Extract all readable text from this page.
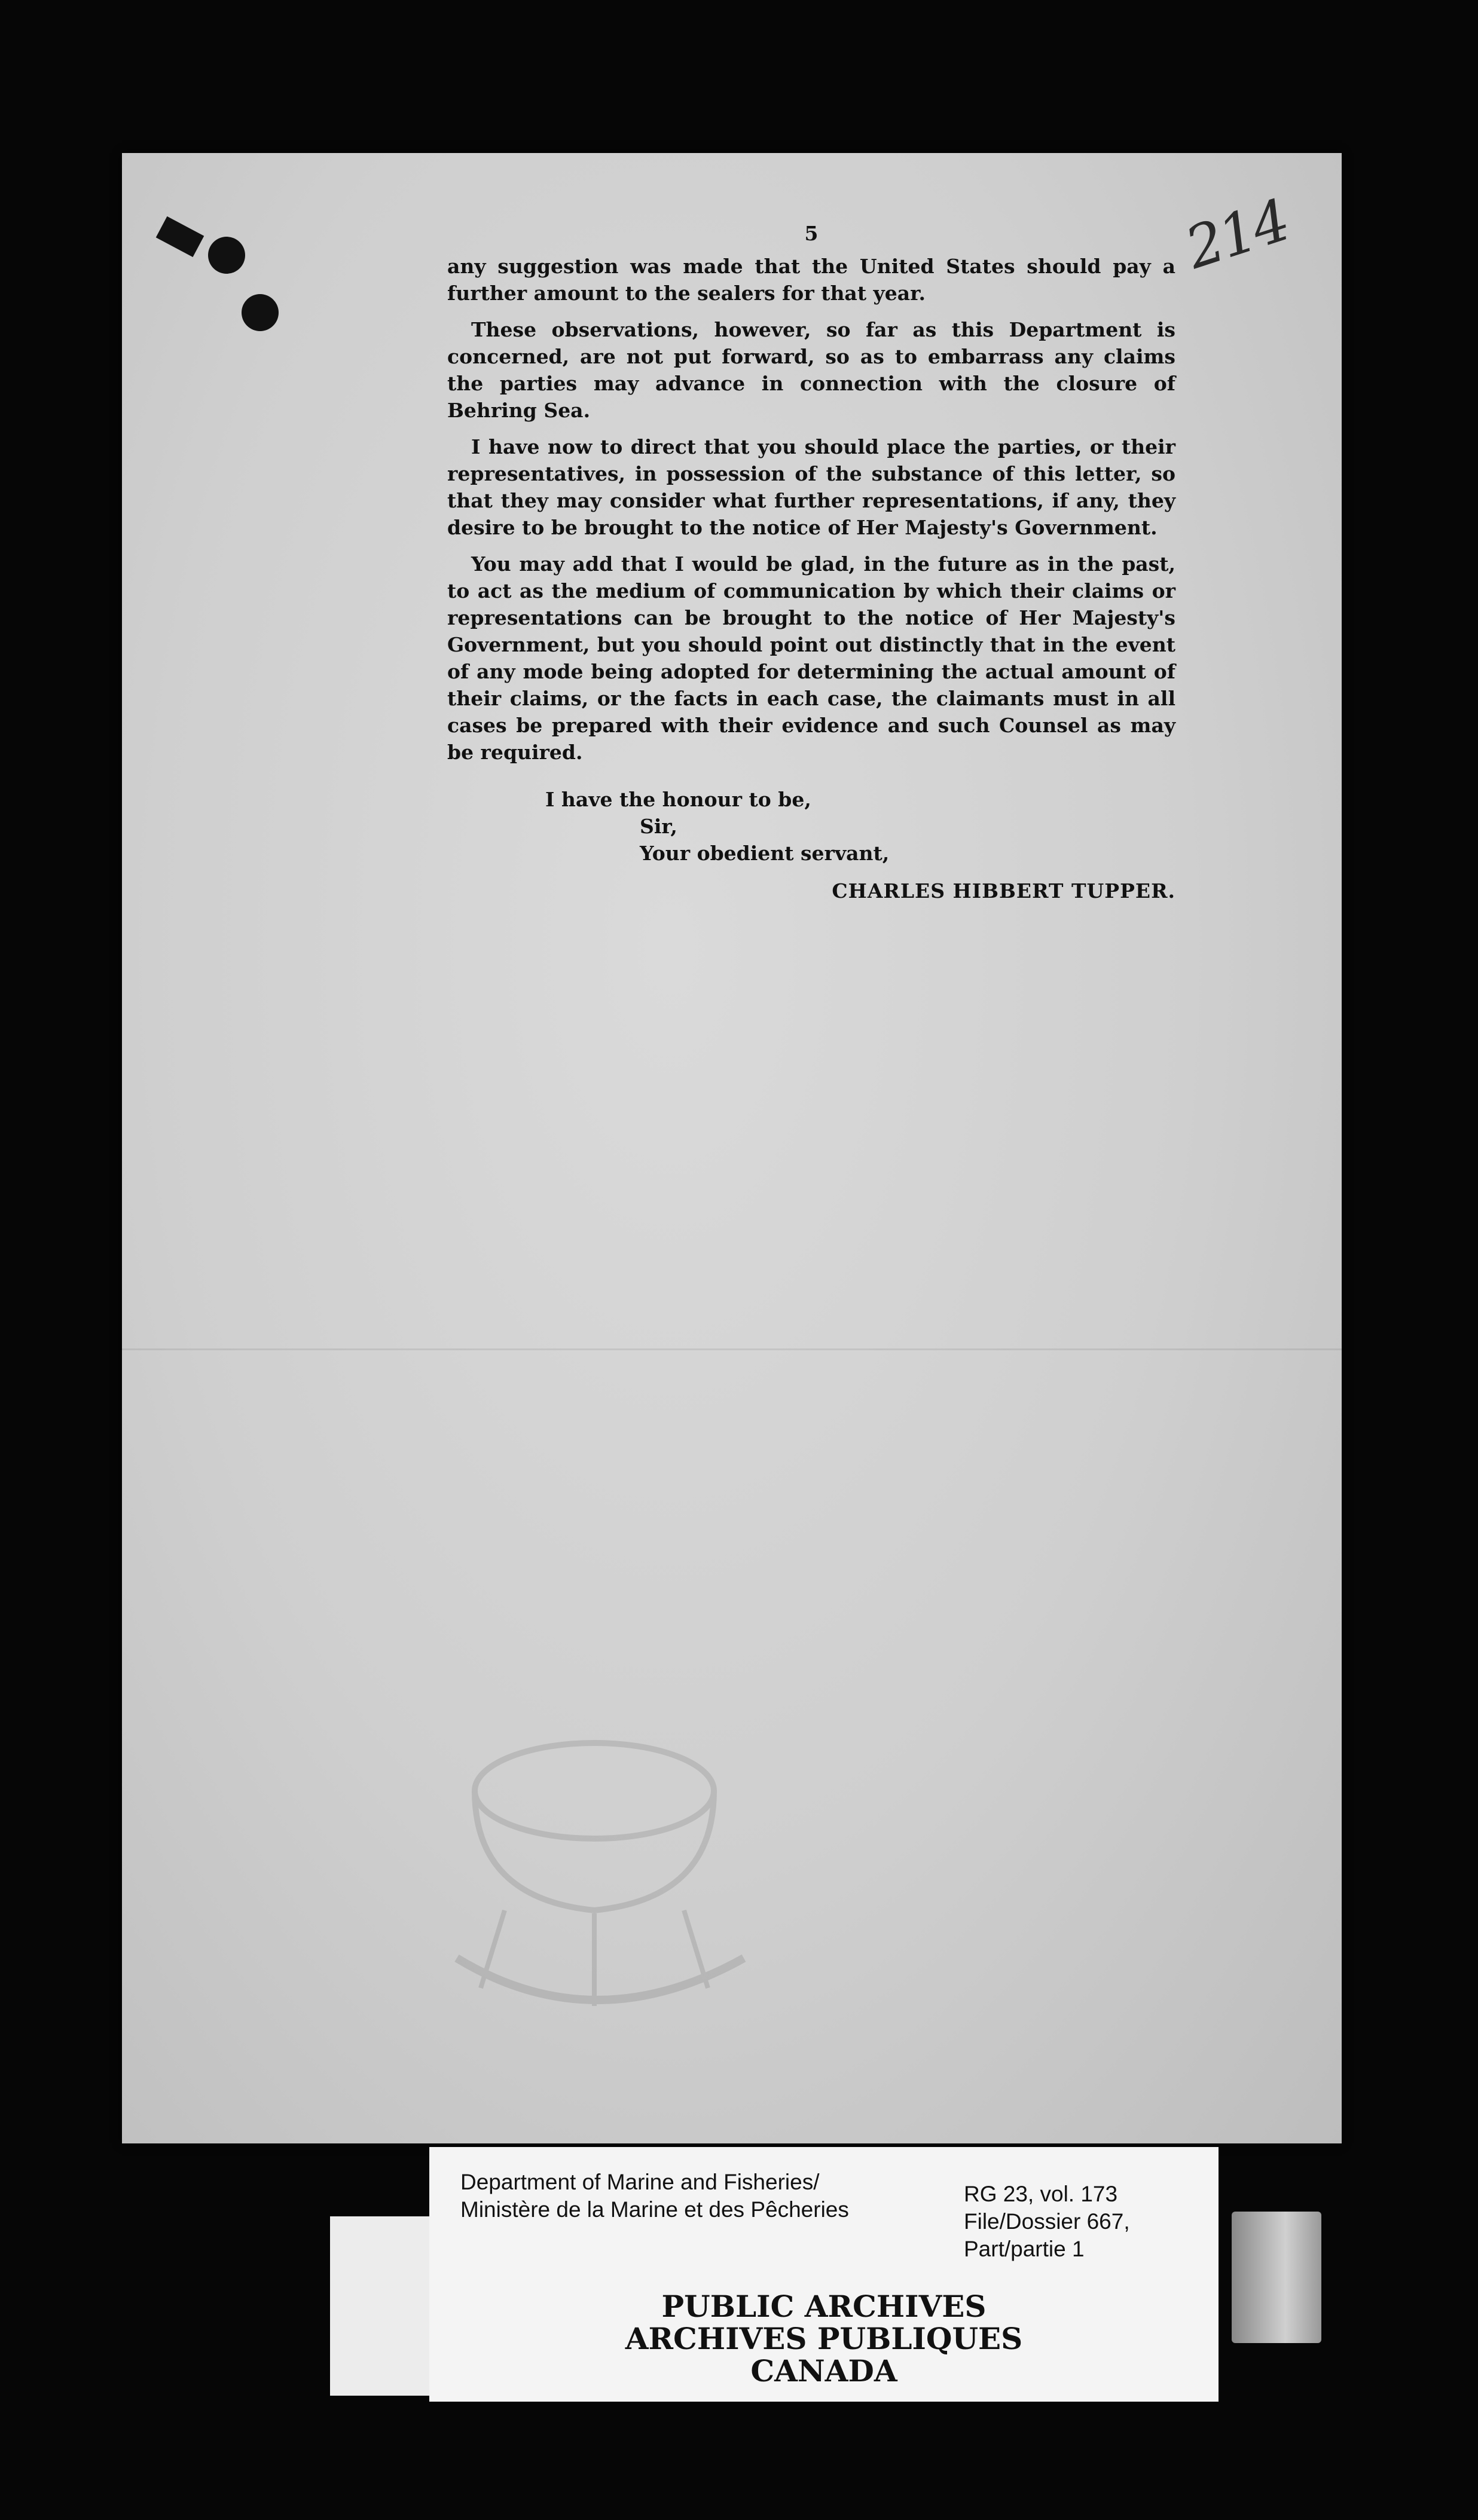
214
5

any suggestion was made that the United States should pay a further amount to the sealers for that year.

These observations, however, so far as this Department is concerned, are not put forward, so as to embarrass any claims the parties may advance in connection with the closure of Behring Sea.

I have now to direct that you should place the parties, or their representatives, in possession of the substance of this letter, so that they may consider what further representations, if any, they desire to be brought to the notice of Her Majesty's Government.

You may add that I would be glad, in the future as in the past, to act as the medium of communication by which their claims or representations can be brought to the notice of Her Majesty's Government, but you should point out distinctly that in the event of any mode being adopted for determining the actual amount of their claims, or the facts in each case, the claimants must in all cases be prepared with their evidence and such Counsel as may be required.

I have the honour to be,
Sir,
Your obedient servant,
CHARLES HIBBERT TUPPER.
Department of Marine and Fisheries/
Ministère de la Marine et des Pêcheries
RG 23, vol. 173
File/Dossier 667,
Part/partie 1
PUBLIC ARCHIVES
ARCHIVES PUBLIQUES
CANADA
